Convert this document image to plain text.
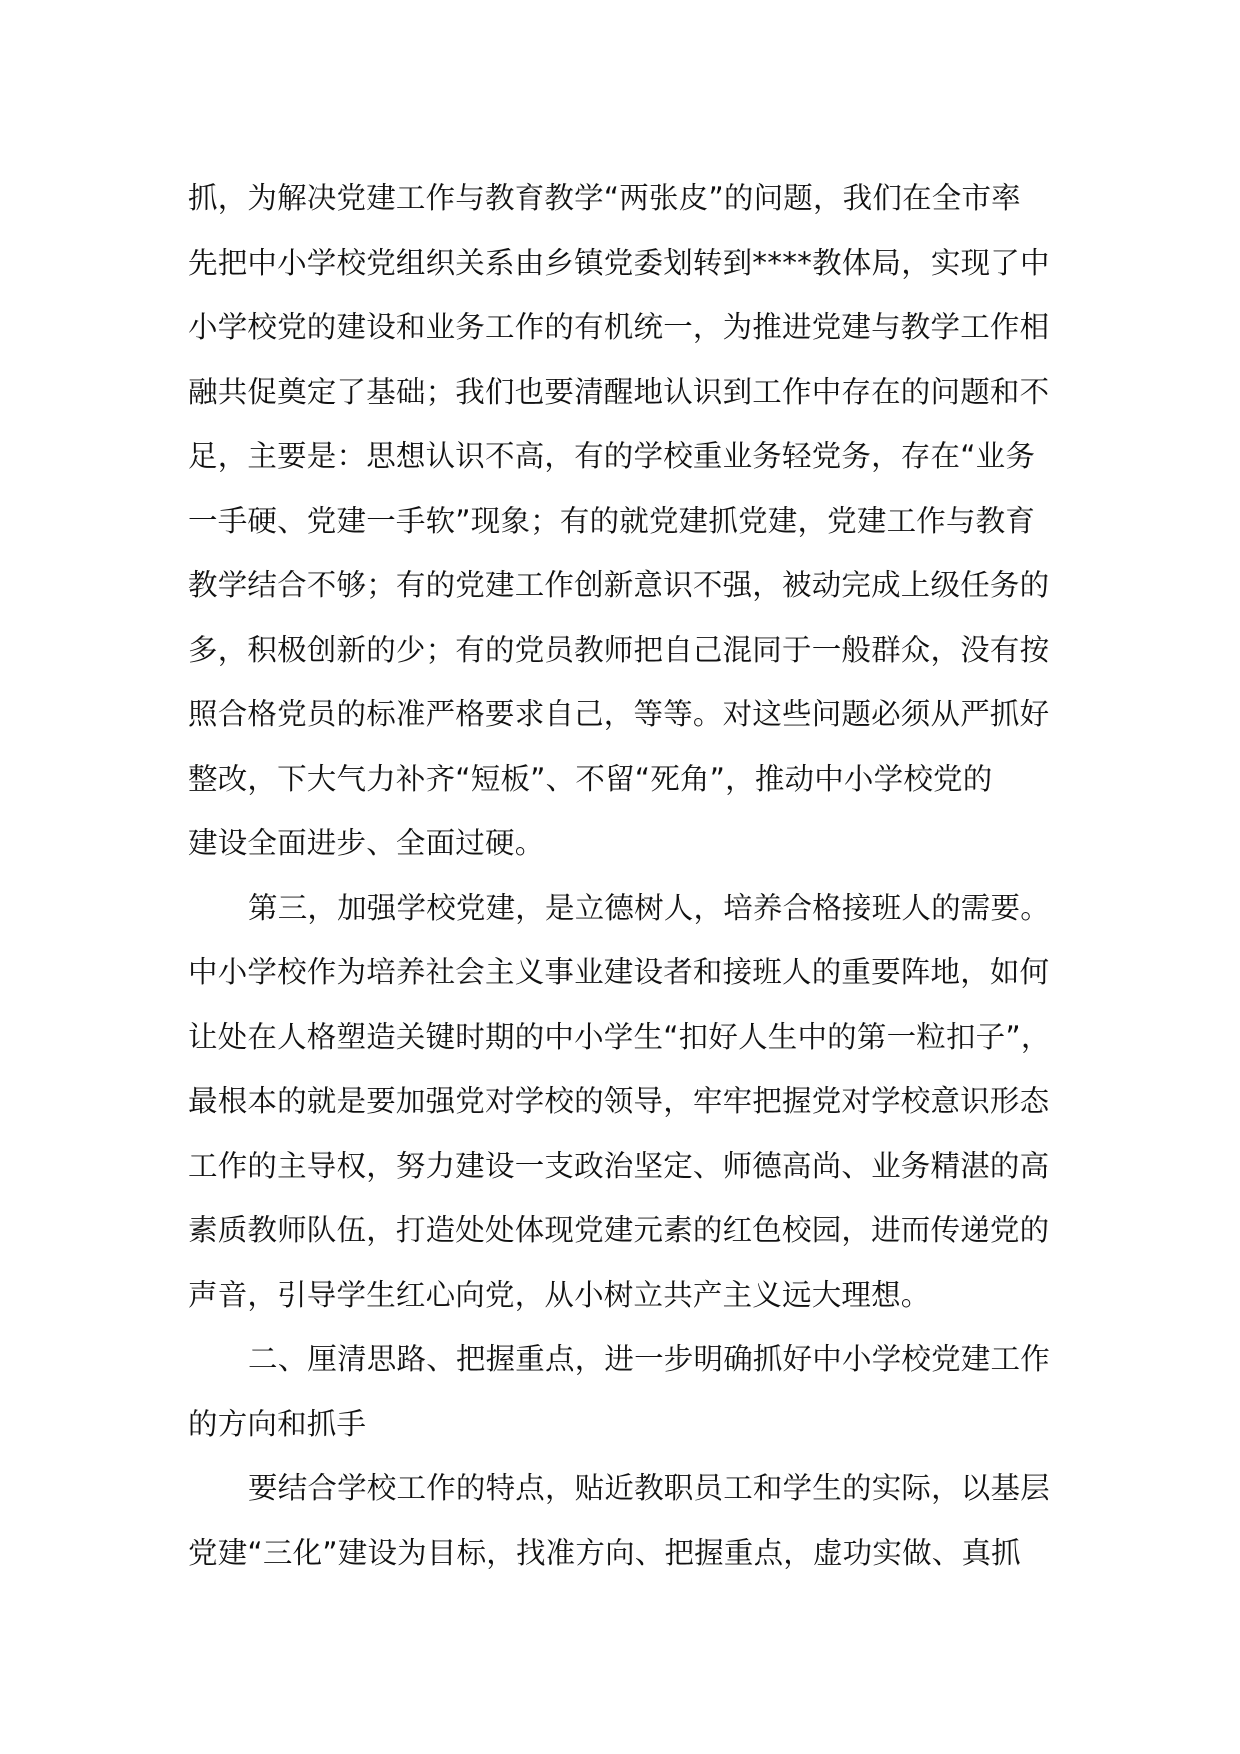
抓，为解决党建工作与教育教学“两张皮”的问题，我们在全市率
先把中小学校党组织关系由乡镇党委划转到****教体局，实现了中
小学校党的建设和业务工作的有机统一，为推进党建与教学工作相
融共促奠定了基础；我们也要清醒地认识到工作中存在的问题和不
足，主要是：思想认识不高，有的学校重业务轻党务，存在“业务
一手硬、党建一手软”现象；有的就党建抓党建，党建工作与教育
教学结合不够；有的党建工作创新意识不强，被动完成上级任务的
多，积极创新的少；有的党员教师把自己混同于一般群众，没有按
照合格党员的标准严格要求自己，等等。对这些问题必须从严抓好
整改，下大气力补齐“短板”、不留“死角”，推动中小学校党的
建设全面进步、全面过硬。
第三，加强学校党建，是立德树人，培养合格接班人的需要。
中小学校作为培养社会主义事业建设者和接班人的重要阵地，如何
让处在人格塑造关键时期的中小学生“扣好人生中的第一粒扣子”，
最根本的就是要加强党对学校的领导，牢牢把握党对学校意识形态
工作的主导权，努力建设一支政治坚定、师德高尚、业务精湛的高
素质教师队伍，打造处处体现党建元素的红色校园，进而传递党的
声音，引导学生红心向党，从小树立共产主义远大理想。
二、厘清思路、把握重点，进一步明确抓好中小学校党建工作
的方向和抓手
要结合学校工作的特点，贴近教职员工和学生的实际，以基层
党建“三化”建设为目标，找准方向、把握重点，虚功实做、真抓
